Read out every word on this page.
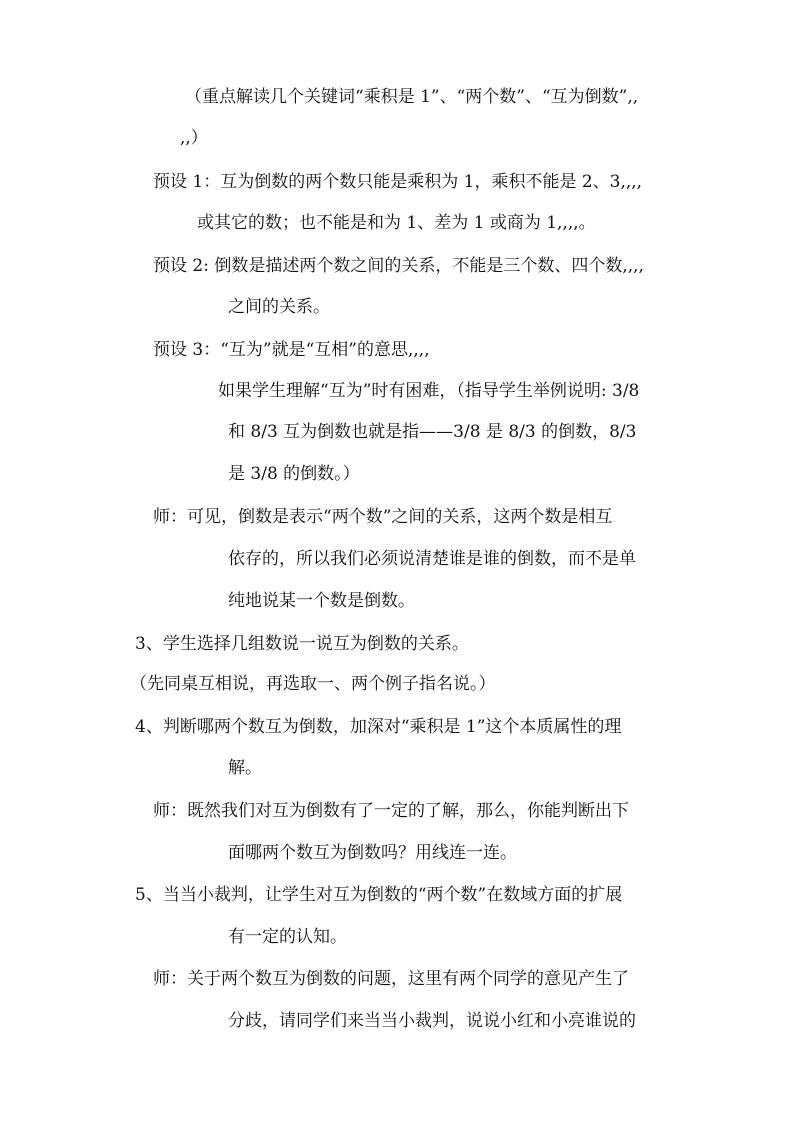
（重点解读几个关键词“乘积是 1”、“两个数”、“互为倒数”,,
,,）
预设 1：互为倒数的两个数只能是乘积为 1，乘积不能是 2、3,,,,
或其它的数；也不能是和为 1、差为 1 或商为 1,,,,。
预设 2: 倒数是描述两个数之间的关系，不能是三个数、四个数,,,,
之间的关系。
预设 3：“互为”就是“互相”的意思,,,,
如果学生理解“互为”时有困难，（指导学生举例说明: 3/8
和 8/3 互为倒数也就是指——3/8 是 8/3 的倒数，8/3
是 3/8 的倒数。）
师：可见，倒数是表示“两个数”之间的关系，这两个数是相互
依存的，所以我们必须说清楚谁是谁的倒数，而不是单
纯地说某一个数是倒数。
3、学生选择几组数说一说互为倒数的关系。
（先同桌互相说，再选取一、两个例子指名说。）
4、判断哪两个数互为倒数，加深对“乘积是 1”这个本质属性的理
解。
师：既然我们对互为倒数有了一定的了解，那么，你能判断出下
面哪两个数互为倒数吗？用线连一连。
5、当当小裁判，让学生对互为倒数的“两个数”在数域方面的扩展
有一定的认知。
师：关于两个数互为倒数的问题，这里有两个同学的意见产生了
分歧，请同学们来当当小裁判，说说小红和小亮谁说的
